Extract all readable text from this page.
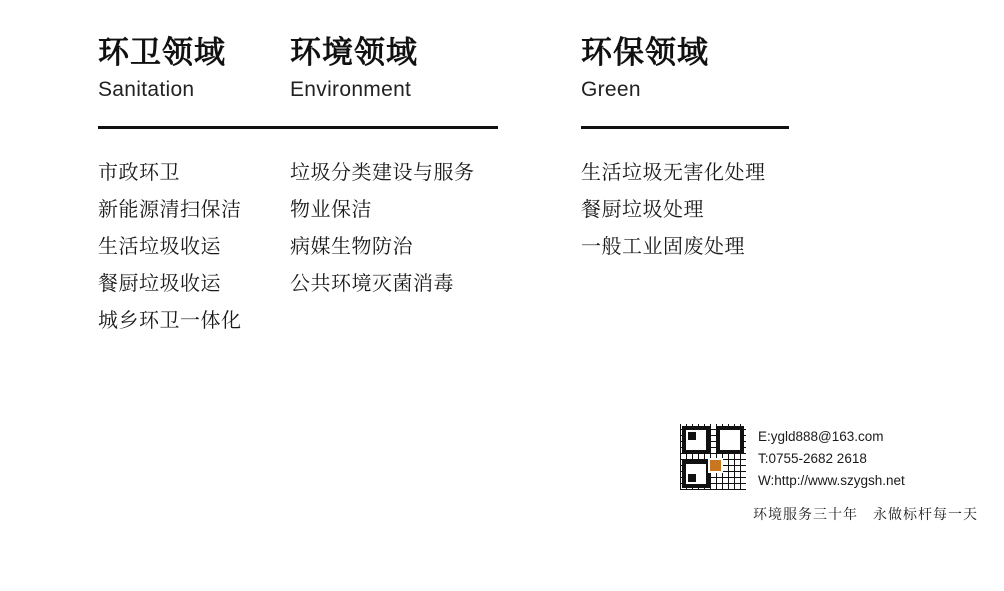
环卫领域
Sanitation
市政环卫
新能源清扫保洁
生活垃圾收运
餐厨垃圾收运
城乡环卫一体化
环境领域
Environment
垃圾分类建设与服务
物业保洁
病媒生物防治
公共环境灭菌消毒
环保领域
Green
生活垃圾无害化处理
餐厨垃圾处理
一般工业固废处理
E:ygld888@163.com
T:0755-2682 2618
W:http://www.szygsh.net
环境服务三十年　永做标杆每一天
